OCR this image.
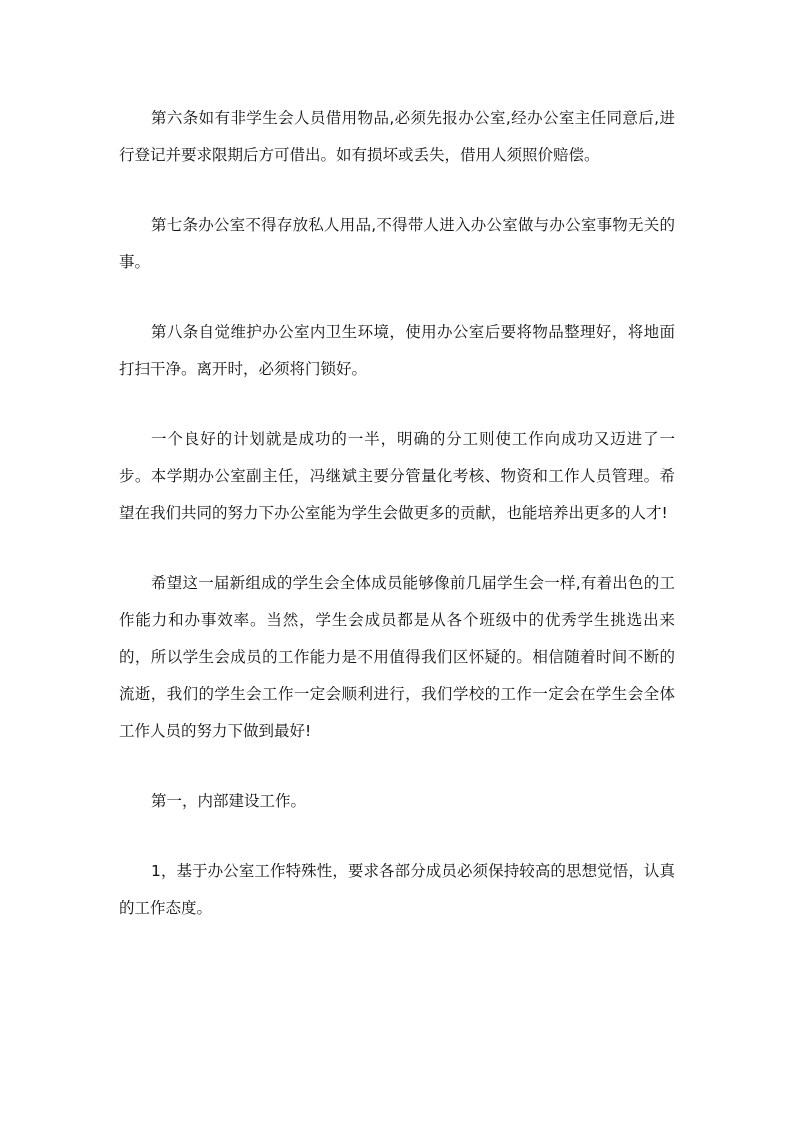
第六条如有非学生会人员借用物品,必须先报办公室,经办公室主任同意后,进行登记并要求限期后方可借出。如有损坏或丢失，借用人须照价赔偿。

第七条办公室不得存放私人用品,不得带人进入办公室做与办公室事物无关的事。

第八条自觉维护办公室内卫生环境，使用办公室后要将物品整理好，将地面打扫干净。离开时，必须将门锁好。

一个良好的计划就是成功的一半，明确的分工则使工作向成功又迈进了一步。本学期办公室副主任，冯继斌主要分管量化考核、物资和工作人员管理。希望在我们共同的努力下办公室能为学生会做更多的贡献，也能培养出更多的人才!

希望这一届新组成的学生会全体成员能够像前几届学生会一样,有着出色的工作能力和办事效率。当然，学生会成员都是从各个班级中的优秀学生挑选出来的，所以学生会成员的工作能力是不用值得我们区怀疑的。相信随着时间不断的流逝，我们的学生会工作一定会顺利进行，我们学校的工作一定会在学生会全体工作人员的努力下做到最好!

第一，内部建设工作。

1，基于办公室工作特殊性，要求各部分成员必须保持较高的思想觉悟，认真的工作态度。
